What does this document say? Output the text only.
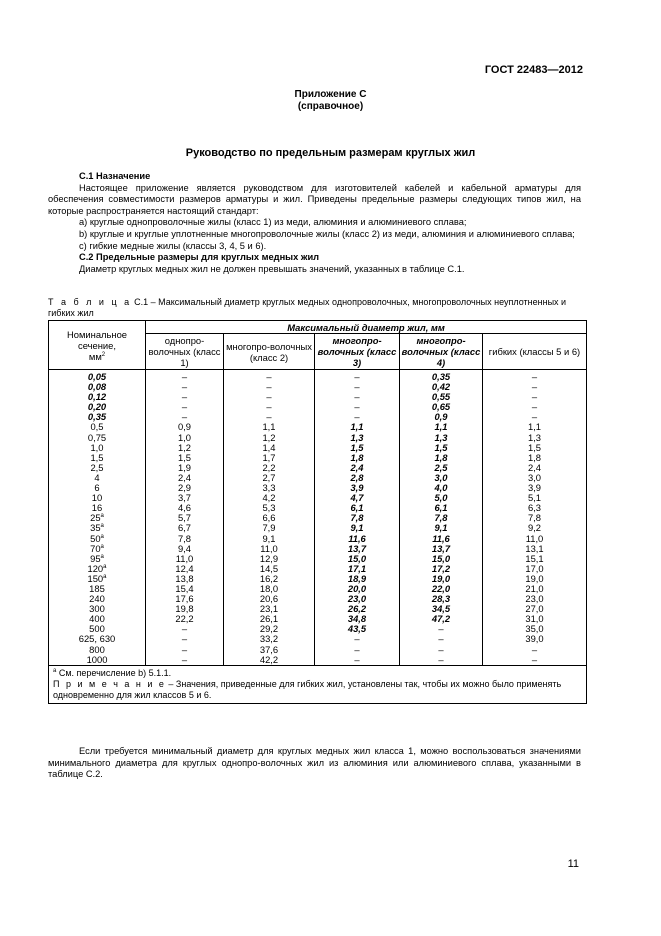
ГОСТ 22483—2012
Приложение С
(справочное)
Руководство по предельным размерам круглых жил

С.1 Назначение

Настоящее приложение является руководством для изготовителей кабелей и кабельной арматуры для обеспечения совместимости размеров арматуры и жил. Приведены предельные размеры следующих типов жил, на которые распространяется настоящий стандарт:

а) круглые однопроволочные жилы (класс 1) из меди, алюминия и алюминиевого сплава;

b) круглые и круглые уплотненные многопроволочные жилы (класс 2) из меди, алюминия и алюминиевого сплава;

с) гибкие медные жилы (классы 3, 4, 5 и 6).

С.2 Предельные размеры для круглых медных жил

Диаметр круглых медных жил не должен превышать значений, указанных в таблице С.1.

Т а б л и ц а С.1 – Максимальный диаметр круглых медных однопроволочных, многопроволочных неуплотненных и гибких жил
Номинальное сечение,
$мм^2$	Максимальный диаметр жил, мм				
	однопро-волочных (класс 1)	многопро-волочных (класс 2)	многопро-волочных (класс 3)	многопро-волочных (класс 4)	гибких (классы 5 и 6)
0,05	–	–	–	0,35	–
0,08	–	–	–	0,42	–
0,12	–	–	–	0,55	–
0,20	–	–	–	0,65	–
0,35	–	–	–	0,9	–
0,5	0,9	1,1	1,1	1,1	1,1
0,75	1,0	1,2	1,3	1,3	1,3
1,0	1,2	1,4	1,5	1,5	1,5
1,5	1,5	1,7	1,8	1,8	1,8
2,5	1,9	2,2	2,4	2,5	2,4
4	2,4	2,7	2,8	3,0	3,0
6	2,9	3,3	3,9	4,0	3,9
10	3,7	4,2	4,7	5,0	5,1
16	4,6	5,3	6,1	6,1	6,3
$25^а$	5,7	6,6	7,8	7,8	7,8
$35^а$	6,7	7,9	9,1	9,1	9,2
$50^а$	7,8	9,1	11,6	11,6	11,0
$70^а$	9,4	11,0	13,7	13,7	13,1
$95^а$	11,0	12,9	15,0	15,0	15,1
$120^а$	12,4	14,5	17,1	17,2	17,0
$150^а$	13,8	16,2	18,9	19,0	19,0
185	15,4	18,0	20,0	22,0	21,0
240	17,6	20,6	23,0	28,3	23,0
300	19,8	23,1	26,2	34,5	27,0
400	22,2	26,1	34,8	47,2	31,0
500	–	29,2	43,5	–	35,0
625, 630	–	33,2	–	–	39,0
800	–	37,6	–	–	–
1000	–	42,2	–	–	–

$^а$ См. перечисление b) 5.1.1.
П р и м е ч а н и е – Значения, приведенные для гибких жил, установлены так, чтобы их можно было применять одновременно для жил классов 5 и 6.					
Если требуется минимальный диаметр для круглых медных жил класса 1, можно воспользоваться значениями минимального диаметра для круглых однопро-волочных жил из алюминия или алюминиевого сплава, указанными в таблице С.2.
11
